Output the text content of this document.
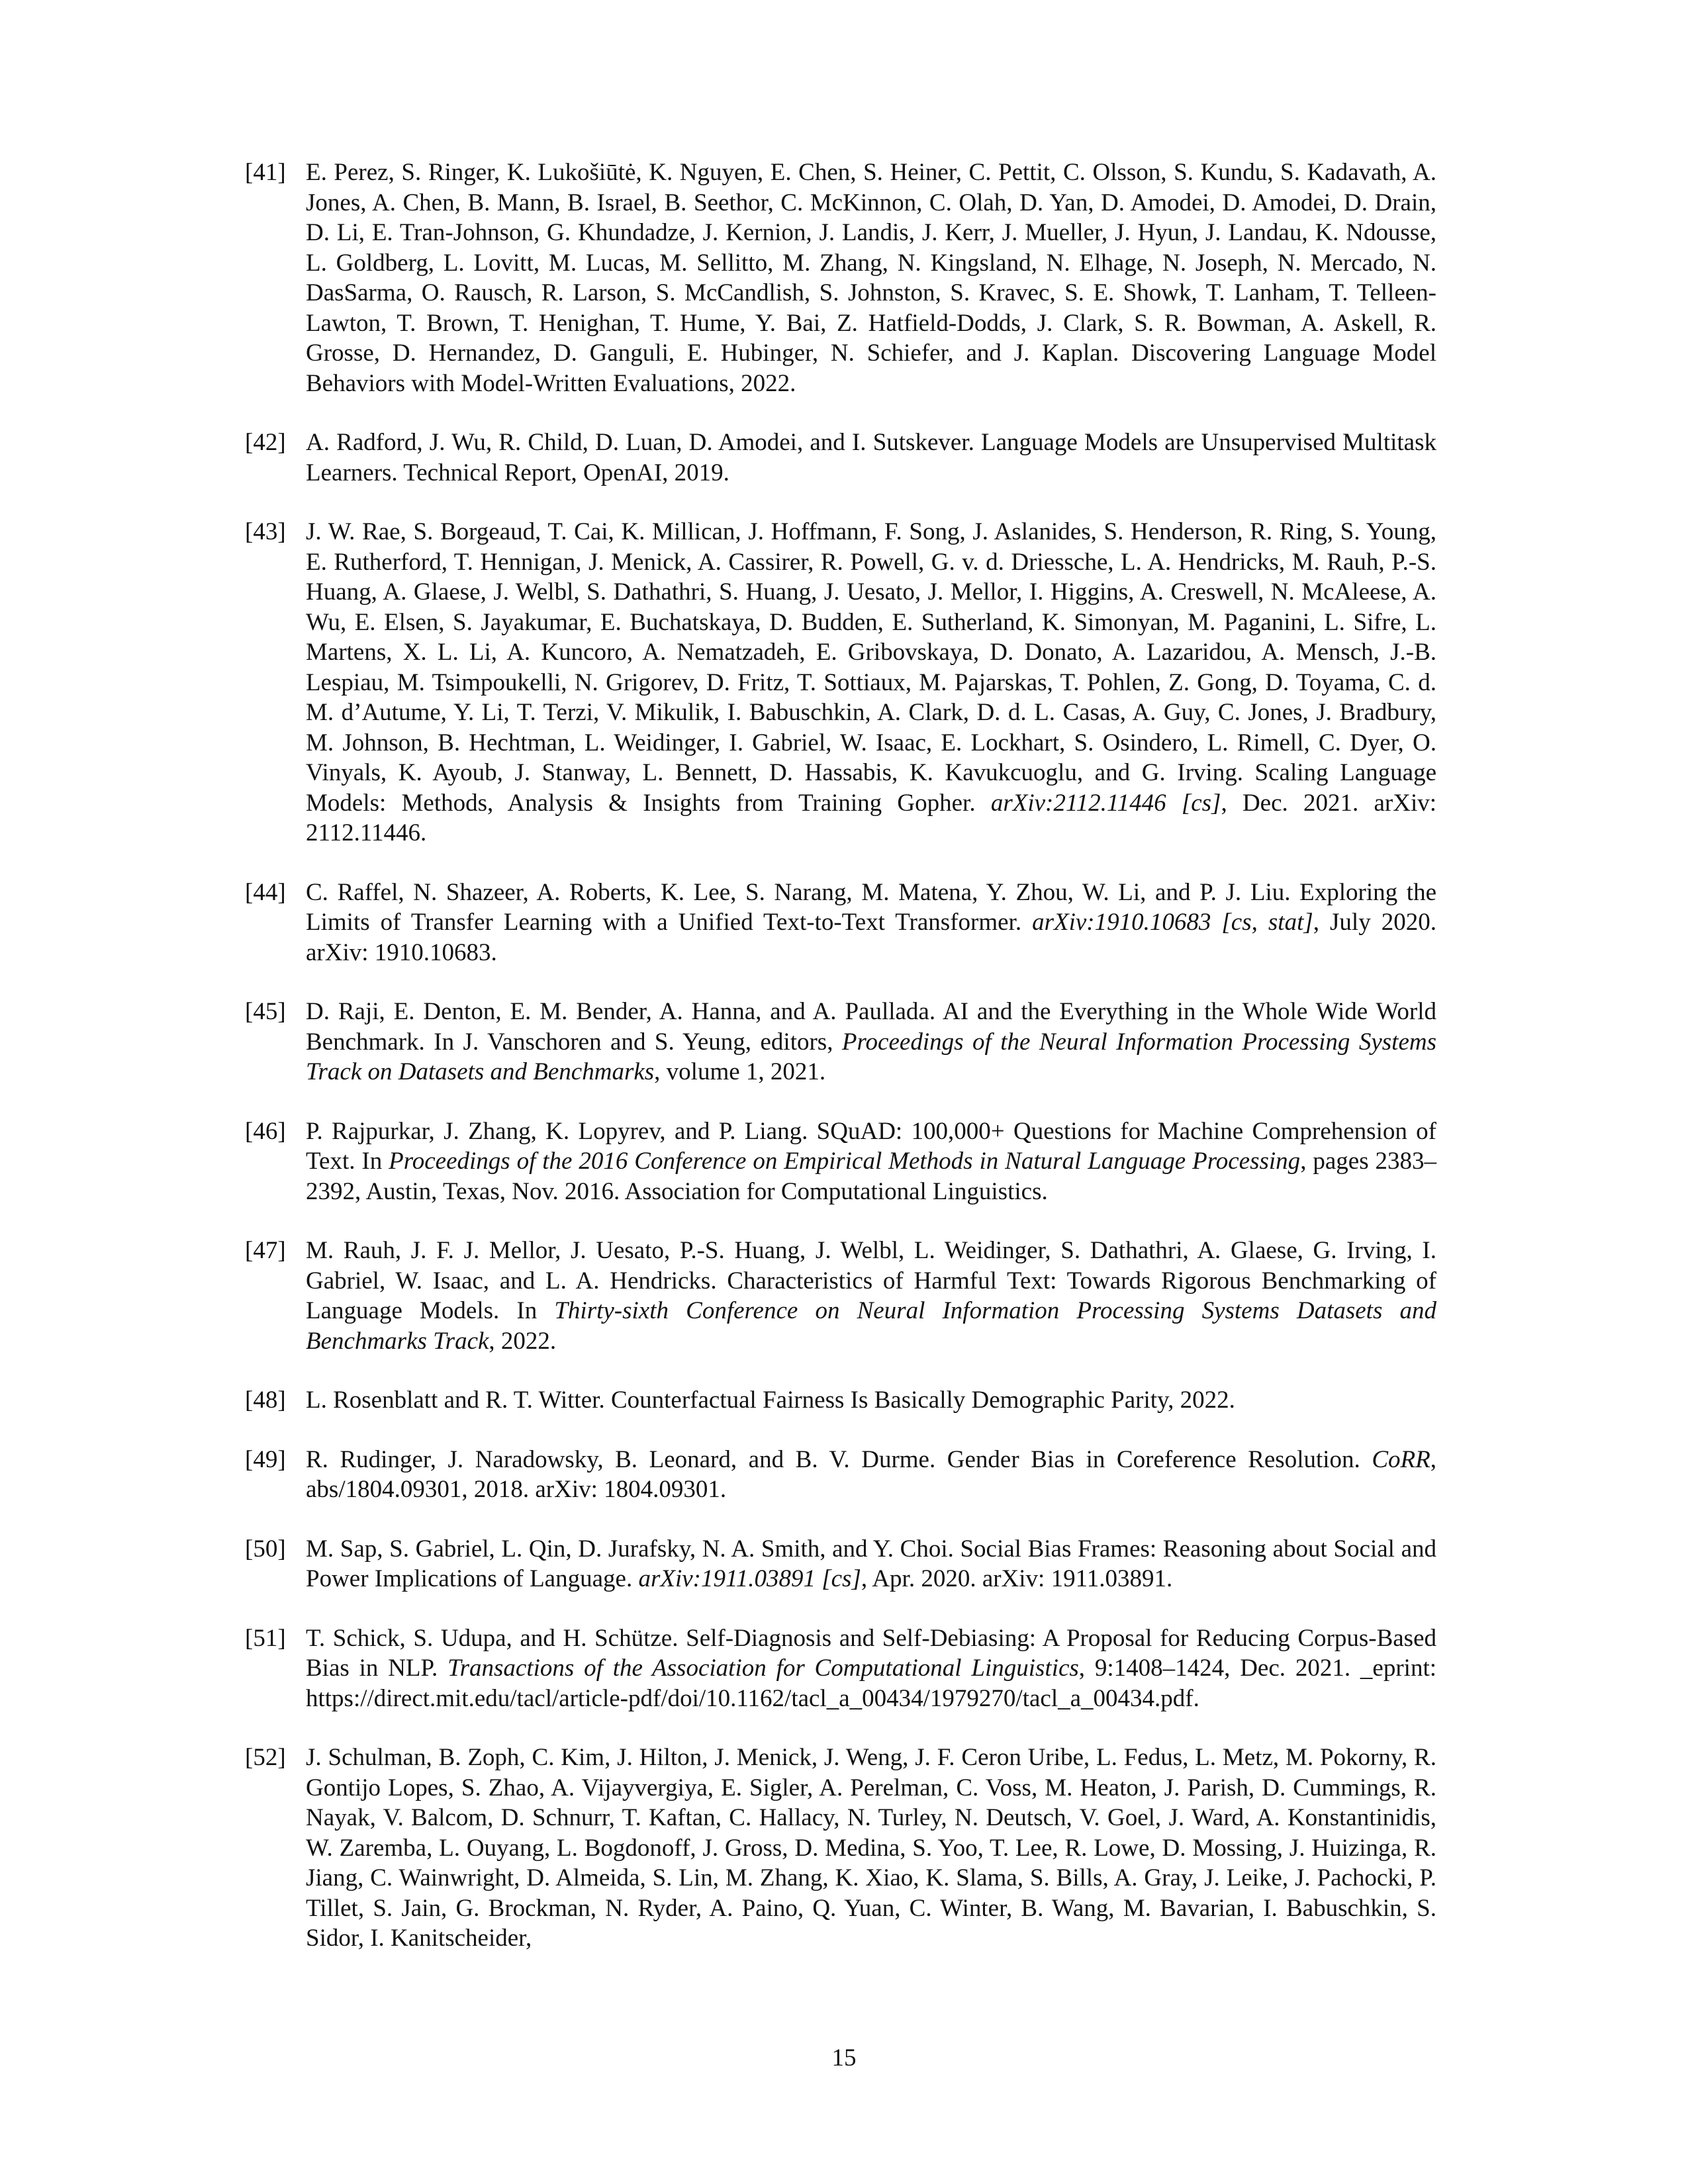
[41] E. Perez, S. Ringer, K. Lukošiūtė, K. Nguyen, E. Chen, S. Heiner, C. Pettit, C. Olsson, S. Kundu, S. Kadavath, A. Jones, A. Chen, B. Mann, B. Israel, B. Seethor, C. McKinnon, C. Olah, D. Yan, D. Amodei, D. Amodei, D. Drain, D. Li, E. Tran-Johnson, G. Khundadze, J. Kernion, J. Landis, J. Kerr, J. Mueller, J. Hyun, J. Landau, K. Ndousse, L. Goldberg, L. Lovitt, M. Lucas, M. Sellitto, M. Zhang, N. Kingsland, N. Elhage, N. Joseph, N. Mercado, N. DasSarma, O. Rausch, R. Larson, S. McCandlish, S. Johnston, S. Kravec, S. E. Showk, T. Lanham, T. Telleen-Lawton, T. Brown, T. Henighan, T. Hume, Y. Bai, Z. Hatfield-Dodds, J. Clark, S. R. Bowman, A. Askell, R. Grosse, D. Hernandez, D. Ganguli, E. Hubinger, N. Schiefer, and J. Kaplan. Discovering Language Model Behaviors with Model-Written Evaluations, 2022.
[42] A. Radford, J. Wu, R. Child, D. Luan, D. Amodei, and I. Sutskever. Language Models are Unsupervised Multitask Learners. Technical Report, OpenAI, 2019.
[43] J. W. Rae, S. Borgeaud, T. Cai, K. Millican, J. Hoffmann, F. Song, J. Aslanides, S. Henderson, R. Ring, S. Young, E. Rutherford, T. Hennigan, J. Menick, A. Cassirer, R. Powell, G. v. d. Driessche, L. A. Hendricks, M. Rauh, P.-S. Huang, A. Glaese, J. Welbl, S. Dathathri, S. Huang, J. Uesato, J. Mellor, I. Higgins, A. Creswell, N. McAleese, A. Wu, E. Elsen, S. Jayakumar, E. Buchatskaya, D. Budden, E. Sutherland, K. Simonyan, M. Paganini, L. Sifre, L. Martens, X. L. Li, A. Kuncoro, A. Nematzadeh, E. Gribovskaya, D. Donato, A. Lazaridou, A. Mensch, J.-B. Lespiau, M. Tsimpoukelli, N. Grigorev, D. Fritz, T. Sottiaux, M. Pajarskas, T. Pohlen, Z. Gong, D. Toyama, C. d. M. d’Autume, Y. Li, T. Terzi, V. Mikulik, I. Babuschkin, A. Clark, D. d. L. Casas, A. Guy, C. Jones, J. Bradbury, M. Johnson, B. Hechtman, L. Weidinger, I. Gabriel, W. Isaac, E. Lockhart, S. Osindero, L. Rimell, C. Dyer, O. Vinyals, K. Ayoub, J. Stanway, L. Bennett, D. Hassabis, K. Kavukcuoglu, and G. Irving. Scaling Language Models: Methods, Analysis & Insights from Training Gopher. arXiv:2112.11446 [cs], Dec. 2021. arXiv: 2112.11446.
[44] C. Raffel, N. Shazeer, A. Roberts, K. Lee, S. Narang, M. Matena, Y. Zhou, W. Li, and P. J. Liu. Exploring the Limits of Transfer Learning with a Unified Text-to-Text Transformer. arXiv:1910.10683 [cs, stat], July 2020. arXiv: 1910.10683.
[45] D. Raji, E. Denton, E. M. Bender, A. Hanna, and A. Paullada. AI and the Everything in the Whole Wide World Benchmark. In J. Vanschoren and S. Yeung, editors, Proceedings of the Neural Information Processing Systems Track on Datasets and Benchmarks, volume 1, 2021.
[46] P. Rajpurkar, J. Zhang, K. Lopyrev, and P. Liang. SQuAD: 100,000+ Questions for Machine Comprehension of Text. In Proceedings of the 2016 Conference on Empirical Methods in Natural Language Processing, pages 2383–2392, Austin, Texas, Nov. 2016. Association for Computational Linguistics.
[47] M. Rauh, J. F. J. Mellor, J. Uesato, P.-S. Huang, J. Welbl, L. Weidinger, S. Dathathri, A. Glaese, G. Irving, I. Gabriel, W. Isaac, and L. A. Hendricks. Characteristics of Harmful Text: Towards Rigorous Benchmarking of Language Models. In Thirty-sixth Conference on Neural Information Processing Systems Datasets and Benchmarks Track, 2022.
[48] L. Rosenblatt and R. T. Witter. Counterfactual Fairness Is Basically Demographic Parity, 2022.
[49] R. Rudinger, J. Naradowsky, B. Leonard, and B. V. Durme. Gender Bias in Coreference Resolution. CoRR, abs/1804.09301, 2018. arXiv: 1804.09301.
[50] M. Sap, S. Gabriel, L. Qin, D. Jurafsky, N. A. Smith, and Y. Choi. Social Bias Frames: Reasoning about Social and Power Implications of Language. arXiv:1911.03891 [cs], Apr. 2020. arXiv: 1911.03891.
[51] T. Schick, S. Udupa, and H. Schütze. Self-Diagnosis and Self-Debiasing: A Proposal for Reducing Corpus-Based Bias in NLP. Transactions of the Association for Computational Linguistics, 9:1408–1424, Dec. 2021. _eprint: https://direct.mit.edu/tacl/article-pdf/doi/10.1162/tacl_a_00434/1979270/tacl_a_00434.pdf.
[52] J. Schulman, B. Zoph, C. Kim, J. Hilton, J. Menick, J. Weng, J. F. Ceron Uribe, L. Fedus, L. Metz, M. Pokorny, R. Gontijo Lopes, S. Zhao, A. Vijayvergiya, E. Sigler, A. Perelman, C. Voss, M. Heaton, J. Parish, D. Cummings, R. Nayak, V. Balcom, D. Schnurr, T. Kaftan, C. Hallacy, N. Turley, N. Deutsch, V. Goel, J. Ward, A. Konstantinidis, W. Zaremba, L. Ouyang, L. Bogdonoff, J. Gross, D. Medina, S. Yoo, T. Lee, R. Lowe, D. Mossing, J. Huizinga, R. Jiang, C. Wainwright, D. Almeida, S. Lin, M. Zhang, K. Xiao, K. Slama, S. Bills, A. Gray, J. Leike, J. Pachocki, P. Tillet, S. Jain, G. Brockman, N. Ryder, A. Paino, Q. Yuan, C. Winter, B. Wang, M. Bavarian, I. Babuschkin, S. Sidor, I. Kanitscheider,
15
